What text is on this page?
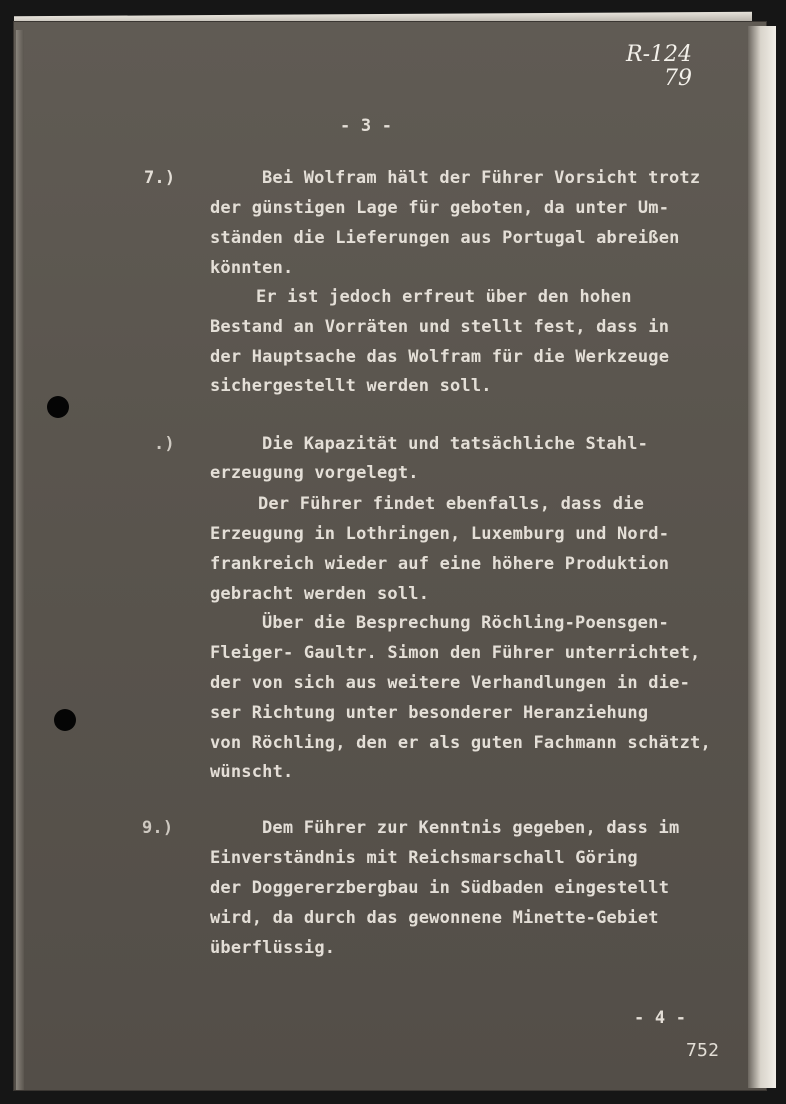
R-124
79
- 3 -
7.)	Bei Wolfram hält der Führer Vorsicht trotz
der günstigen Lage für geboten, da unter Um-
ständen die Lieferungen aus Portugal abreißen
könnten.
Er ist jedoch erfreut über den hohen
Bestand an Vorräten und stellt fest, dass in
der Hauptsache das Wolfram für die Werkzeuge
sichergestellt werden soll.
.)	Die Kapazität und tatsächliche Stahl-
erzeugung vorgelegt.
Der Führer findet ebenfalls, dass die
Erzeugung in Lothringen, Luxemburg und Nord-
frankreich wieder auf eine höhere Produktion
gebracht werden soll.
Über die Besprechung Röchling-Poensgen-
Fleiger- Gaultr. Simon den Führer unterrichtet,
der von sich aus weitere Verhandlungen in die-
ser Richtung unter besonderer Heranziehung
von Röchling, den er als guten Fachmann schätzt,
wünscht.
9.)	Dem Führer zur Kenntnis gegeben, dass im
Einverständnis mit Reichsmarschall Göring
der Doggererzbergbau in Südbaden eingestellt
wird, da durch das gewonnene Minette-Gebiet
überflüssig.
- 4 -
752
